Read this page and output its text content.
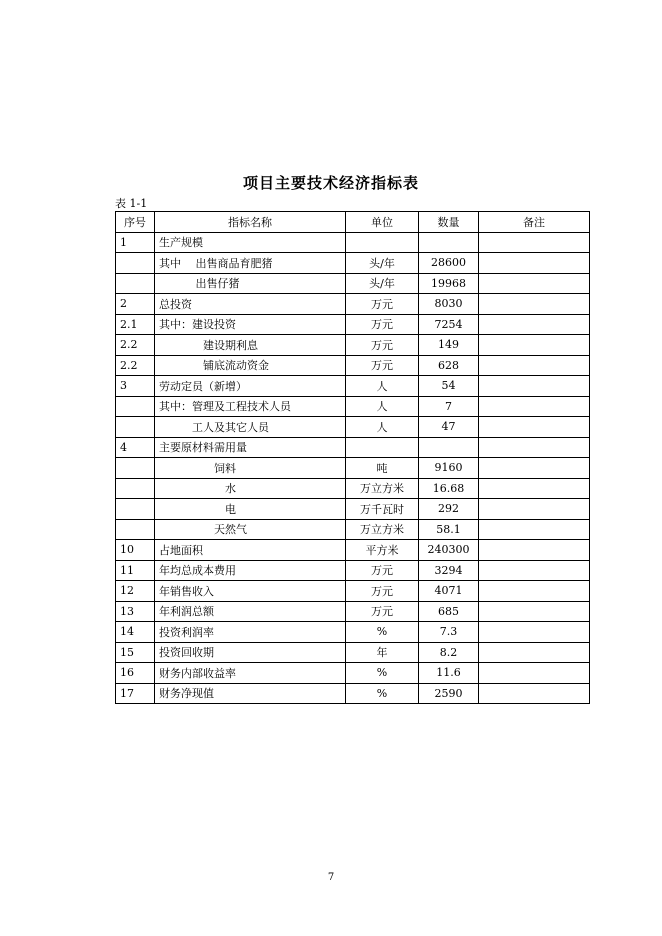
项目主要技术经济指标表
表 1-1
序号	指标名称	单位	数量	备注
1	生产规模			
	其中　 出售商品育肥猪	头/年	28600	
	　　　 出售仔猪	头/年	19968	
2	总投资	万元	8030	
2.1	其中：建设投资	万元	7254	
2.2	　　　　建设期利息	万元	149	
2.2	　　　　铺底流动资金	万元	628	
3	劳动定员（新增）	人	54	
	其中：管理及工程技术人员	人	7	
	　　　工人及其它人员	人	47	
4	主要原材料需用量			
	　　　　　饲料	吨	9160	
	　　　　　　水	万立方米	16.68	
	　　　　　　电	万千瓦时	292	
	　　　　　天然气	万立方米	58.1	
10	占地面积	平方米	240300	
11	年均总成本费用	万元	3294	
12	年销售收入	万元	4071	
13	年利润总额	万元	685	
14	投资利润率	%	7.3	
15	投资回收期	年	8.2	
16	财务内部收益率	%	11.6	
17	财务净现值	%	2590	
7
